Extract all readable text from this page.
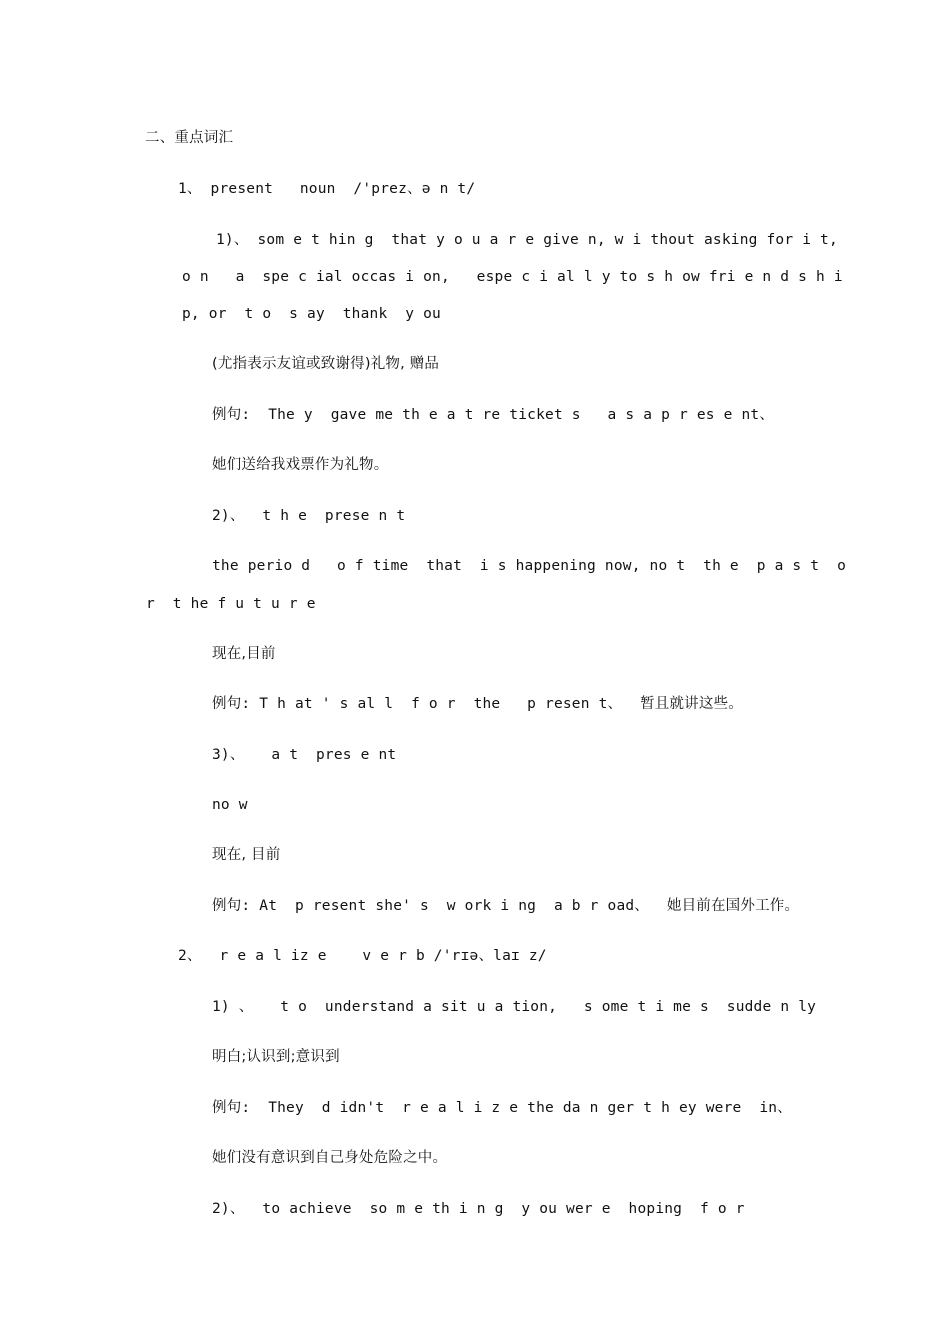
二、重点词汇
1、 present   noun  /'prez、ə n t/
1)、 som e t hin g  that y o u a r e give n, w i thout asking for i t,
o n   a  spe c ial occas i on,   espe c i al l y to s h ow fri e n d s h i
p, or  t o  s ay  thank  y ou
(尤指表示友谊或致谢得)礼物, 赠品
例句:  The y  gave me th e a t re ticket s   a s a p r es e nt、
她们送给我戏票作为礼物。
2)、  t h e  prese n t
the perio d   o f time  that  i s happening now, no t  th e  p a s t  o
r  t he f u t u r e
现在,目前
例句: T h at ' s al l  f o r  the   p resen t、  暂且就讲这些。
3)、   a t  pres e nt
no w
现在, 目前
例句: At  p resent she' s  w ork i ng  a b r oad、  她目前在国外工作。
2、  r e a l iz e    v e r b /'rɪə、laɪ z/
1) 、   t o  understand a sit u a tion,   s ome t i me s  sudde n ly
明白;认识到;意识到
例句:  They  d idn't  r e a l i z e the da n ger t h ey were  in、
她们没有意识到自己身处危险之中。
2)、  to achieve  so m e th i n g  y ou wer e  hoping  f o r
